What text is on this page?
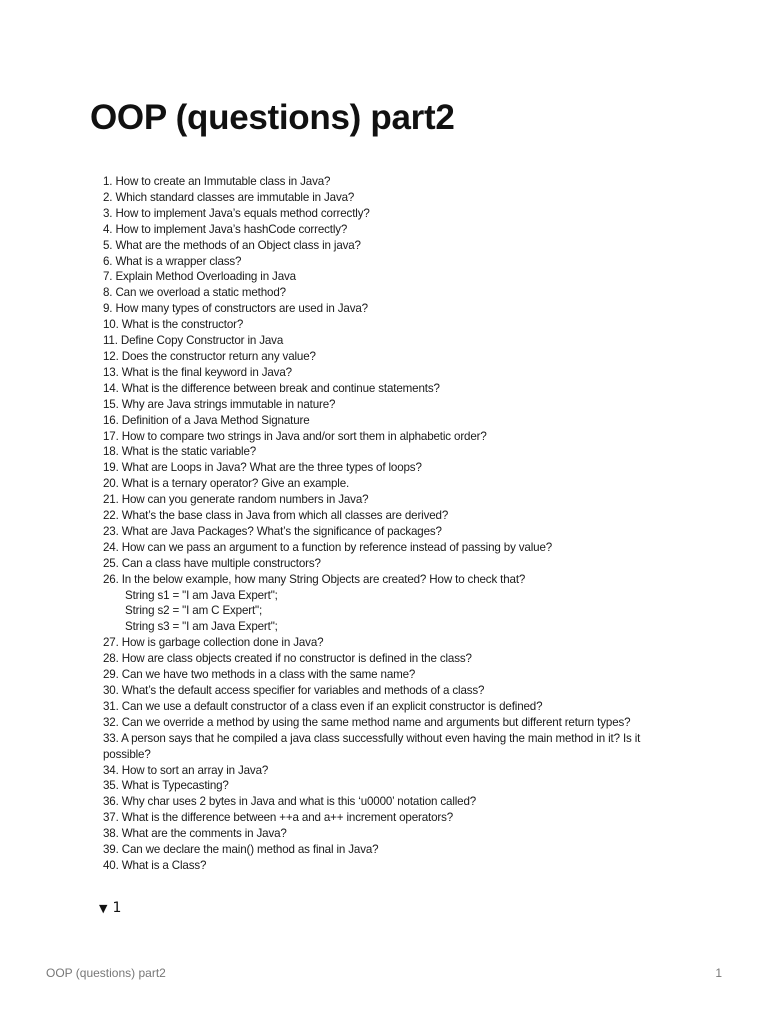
OOP (questions) part2
1. How to create an Immutable class in Java?
2. Which standard classes are immutable in Java?
3. How to implement Java’s equals method correctly?
4. How to implement Java’s hashCode correctly?
5. What are the methods of an Object class in java?
6. What is a wrapper class?
7. Explain Method Overloading in Java
8. Can we overload a static method?
9. How many types of constructors are used in Java?
10. What is the constructor?
11. Define Copy Constructor in Java
12. Does the constructor return any value?
13. What is the final keyword in Java?
14. What is the difference between break and continue statements?
15. Why are Java strings immutable in nature?
16. Definition of a Java Method Signature
17. How to compare two strings in Java and/or sort them in alphabetic order?
18. What is the static variable?
19. What are Loops in Java? What are the three types of loops?
20. What is a ternary operator? Give an example.
21. How can you generate random numbers in Java?
22. What’s the base class in Java from which all classes are derived?
23. What are Java Packages? What’s the significance of packages?
24. How can we pass an argument to a function by reference instead of passing by value?
25. Can a class have multiple constructors?
26. In the below example, how many String Objects are created? How to check that?
String s1 = "I am Java Expert";
String s2 = "I am C Expert";
String s3 = "I am Java Expert";
27. How is garbage collection done in Java?
28. How are class objects created if no constructor is defined in the class?
29. Can we have two methods in a class with the same name?
30. What’s the default access specifier for variables and methods of a class?
31. Can we use a default constructor of a class even if an explicit constructor is defined?
32. Can we override a method by using the same method name and arguments but different return types?
33. A person says that he compiled a java class successfully without even having the main method in it? Is it possible?
34. How to sort an array in Java?
35. What is Typecasting?
36. Why char uses 2 bytes in Java and what is this ‘u0000’ notation called?
37. What is the difference between ++a and a++ increment operators?
38. What are the comments in Java?
39. Can we declare the main() method as final in Java?
40. What is a Class?
▼ 1
OOP (questions) part2	1
